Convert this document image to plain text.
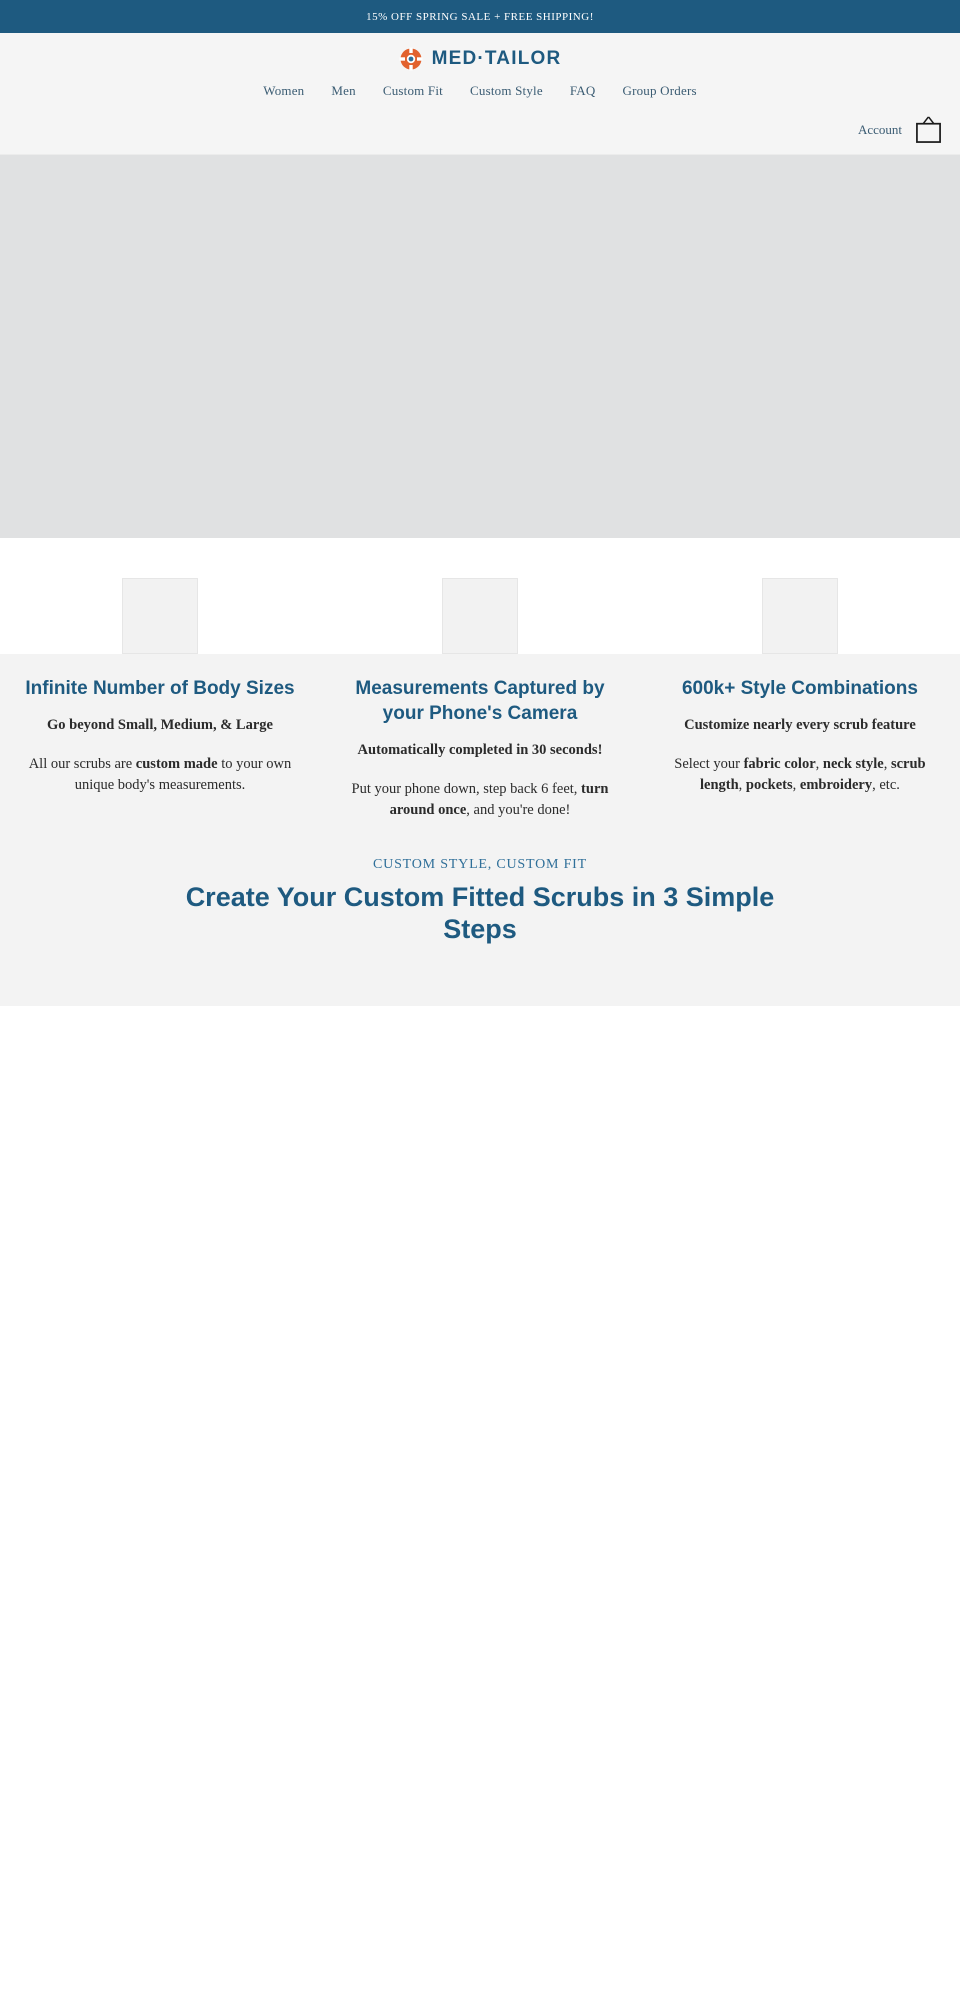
15% OFF SPRING SALE + FREE SHIPPING!
MED·TAILOR
Women Men Custom Fit Custom Style FAQ Group Orders
Account
Infinite Number of Body Sizes
Go beyond Small, Medium, & Large
All our scrubs are custom made to your own unique body's measurements.
Measurements Captured by your Phone's Camera
Automatically completed in 30 seconds!
Put your phone down, step back 6 feet, turn around once, and you're done!
600k+ Style Combinations
Customize nearly every scrub feature
Select your fabric color, neck style, scrub length, pockets, embroidery, etc.
CUSTOM STYLE, CUSTOM FIT
Create Your Custom Fitted Scrubs in 3 Simple Steps
